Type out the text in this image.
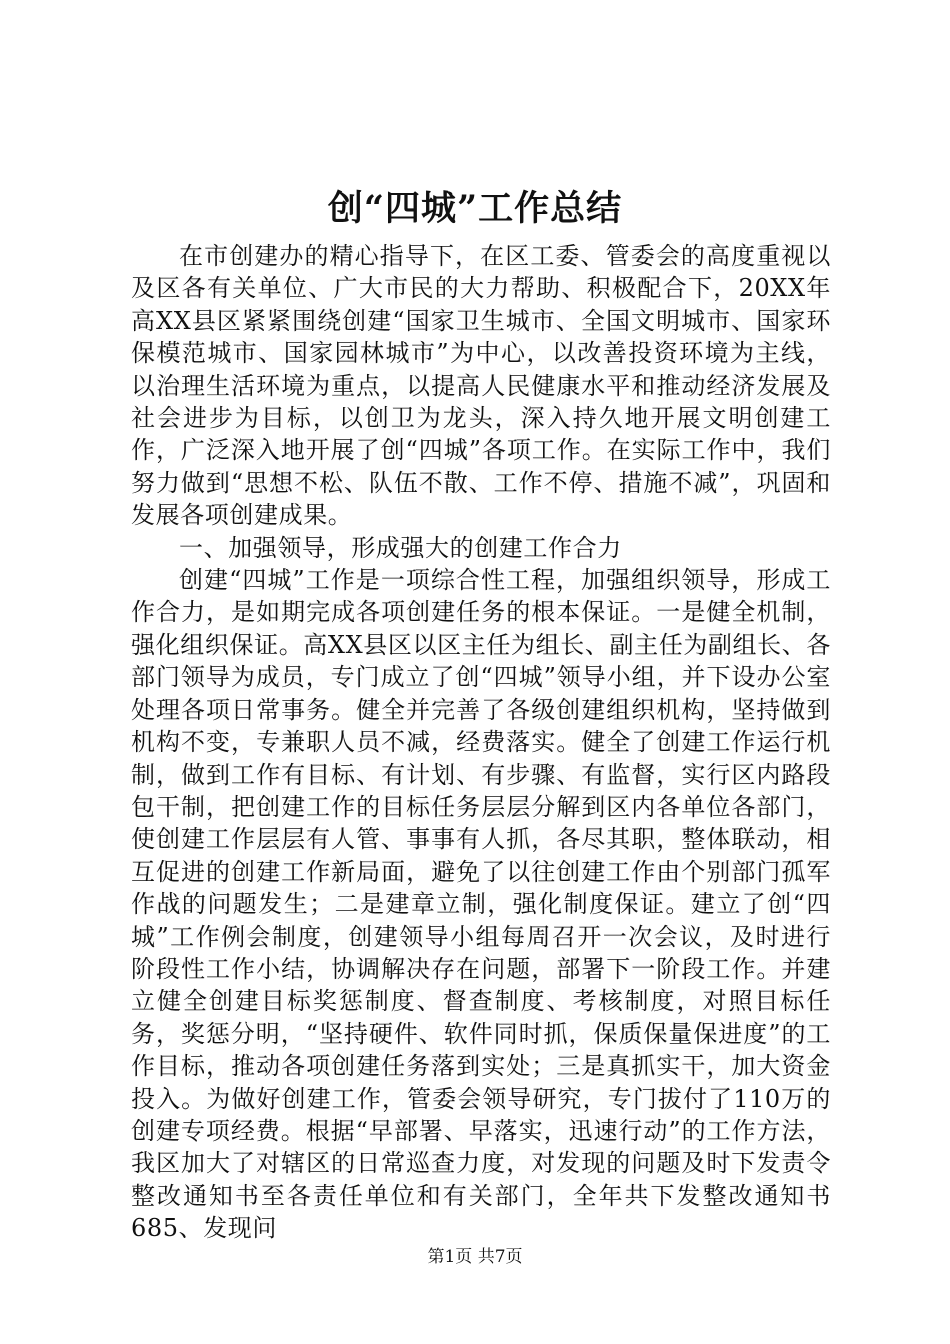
创“四城”工作总结

在市创建办的精心指导下，在区工委、管委会的高度重视以及区各有关单位、广大市民的大力帮助、积极配合下，20XX年高XX县区紧紧围绕创建“国家卫生城市、全国文明城市、国家环保模范城市、国家园林城市”为中心，以改善投资环境为主线，以治理生活环境为重点，以提高人民健康水平和推动经济发展及社会进步为目标，以创卫为龙头，深入持久地开展文明创建工作，广泛深入地开展了创“四城”各项工作。在实际工作中，我们努力做到“思想不松、队伍不散、工作不停、措施不减”，巩固和发展各项创建成果。

一、加强领导，形成强大的创建工作合力

创建“四城”工作是一项综合性工程，加强组织领导，形成工作合力，是如期完成各项创建任务的根本保证。一是健全机制，强化组织保证。高XX县区以区主任为组长、副主任为副组长、各部门领导为成员，专门成立了创“四城”领导小组，并下设办公室处理各项日常事务。健全并完善了各级创建组织机构，坚持做到机构不变，专兼职人员不减，经费落实。健全了创建工作运行机制，做到工作有目标、有计划、有步骤、有监督，实行区内路段包干制，把创建工作的目标任务层层分解到区内各单位各部门，使创建工作层层有人管、事事有人抓，各尽其职，整体联动，相互促进的创建工作新局面，避免了以往创建工作由个别部门孤军作战的问题发生；二是建章立制，强化制度保证。建立了创“四城”工作例会制度，创建领导小组每周召开一次会议，及时进行阶段性工作小结，协调解决存在问题，部署下一阶段工作。并建立健全创建目标奖惩制度、督查制度、考核制度，对照目标任务，奖惩分明，“坚持硬件、软件同时抓，保质保量保进度”的工作目标，推动各项创建任务落到实处；三是真抓实干，加大资金投入。为做好创建工作，管委会领导研究，专门拔付了110万的创建专项经费。根据“早部署、早落实，迅速行动”的工作方法，我区加大了对辖区的日常巡查力度，对发现的问题及时下发责令整改通知书至各责任单位和有关部门，全年共下发整改通知书685、发现问

第1页 共7页
